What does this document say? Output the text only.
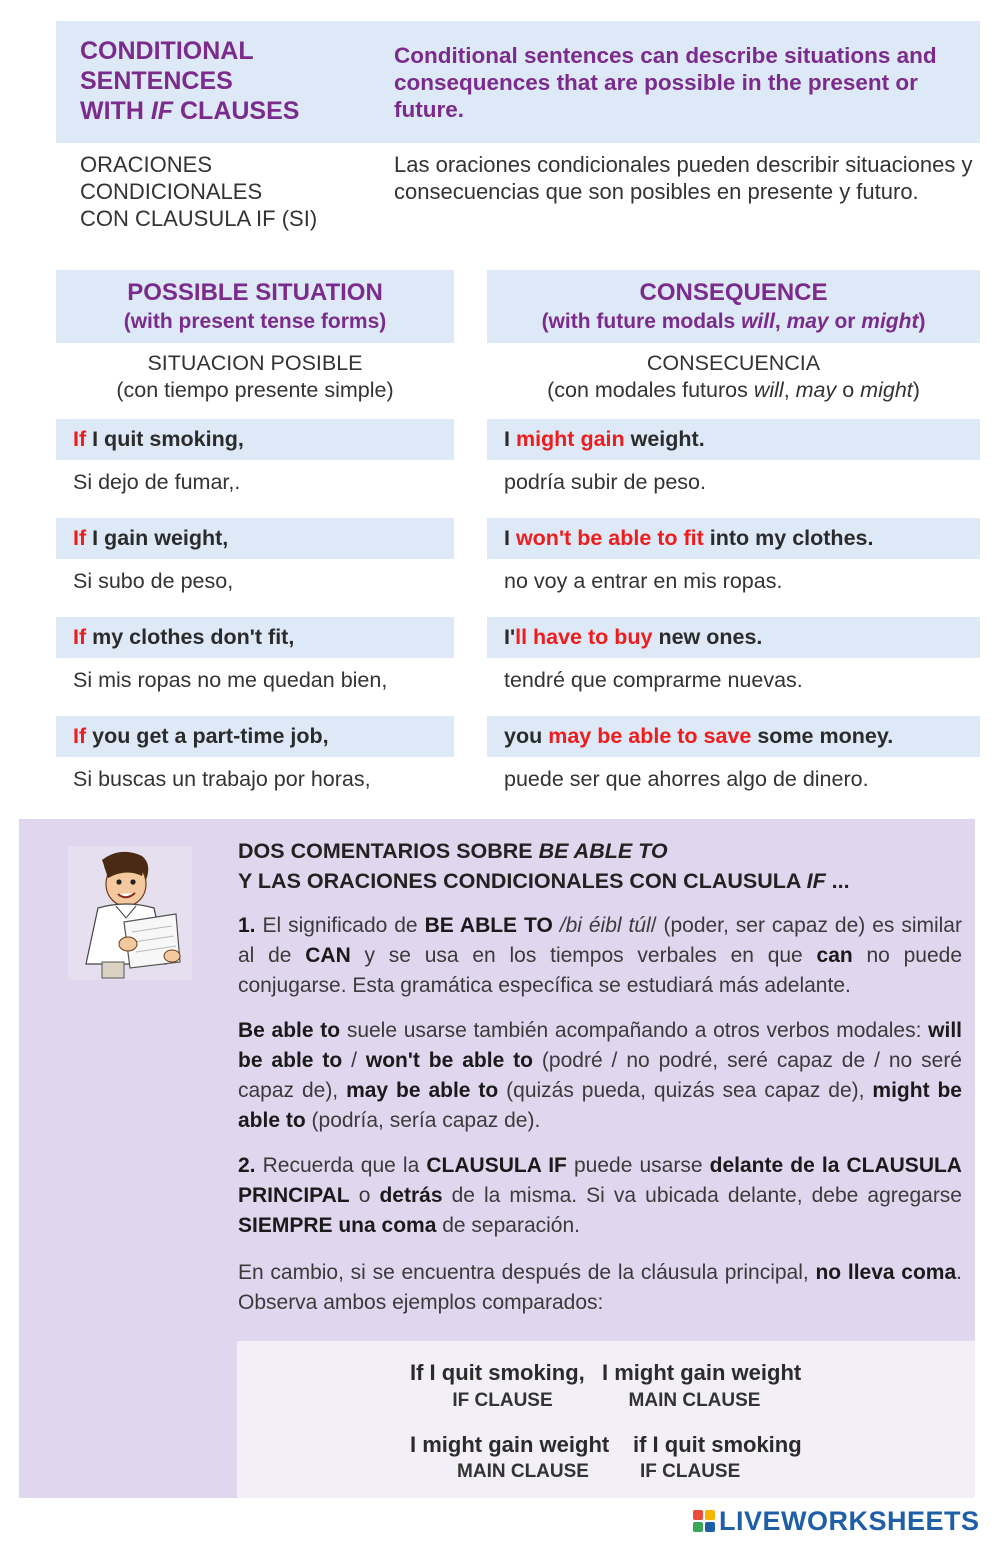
CONDITIONAL
SENTENCES
WITH IF CLAUSES
Conditional sentences can describe situations and consequences that are possible in the present or future.
ORACIONES
CONDICIONALES
CON CLAUSULA IF (SI)
Las oraciones condicionales pueden describir situaciones y consecuencias que son posibles en presente y futuro.
POSSIBLE SITUATION
(with present tense forms)
CONSEQUENCE
(with future modals will, may or might)
SITUACION POSIBLE
(con tiempo presente simple)
CONSECUENCIA
(con modales futuros will, may o might)
If I quit smoking,	I might gain weight.
Si dejo de fumar,.	podría subir de peso.
If I gain weight,	I won't be able to fit into my clothes.
Si subo de peso,	no voy a entrar en mis ropas.
If my clothes don't fit,	I'll have to buy new ones.
Si mis ropas no me quedan bien,	tendré que comprarme nuevas.
If you get a part-time job,	you may be able to save some money.
Si buscas un trabajo por horas,	puede ser que ahorres algo de dinero.
DOS COMENTARIOS SOBRE BE ABLE TO
Y LAS ORACIONES CONDICIONALES CON CLAUSULA IF ...
1. El significado de BE ABLE TO /bi éibl túl/ (poder, ser capaz de) es similar al de CAN y se usa en los tiempos verbales en que can no puede conjugarse. Esta gramática específica se estudiará más adelante.
Be able to suele usarse también acompañando a otros verbos modales: will be able to / won't be able to (podré / no podré, seré capaz de / no seré capaz de), may be able to (quizás pueda, quizás sea capaz de), might be able to (podría, sería capaz de).
2. Recuerda que la CLAUSULA IF puede usarse delante de la CLAUSULA PRINCIPAL o detrás de la misma. Si va ubicada delante, debe agregarse SIEMPRE una coma de separación.
En cambio, si se encuentra después de la cláusula principal, no lleva coma. Observa ambos ejemplos comparados:
If I quit smoking, I might gain weight
IF CLAUSE	MAIN CLAUSE
I might gain weight if I quit smoking
MAIN CLAUSE	IF CLAUSE
LIVEWORKSHEETS
